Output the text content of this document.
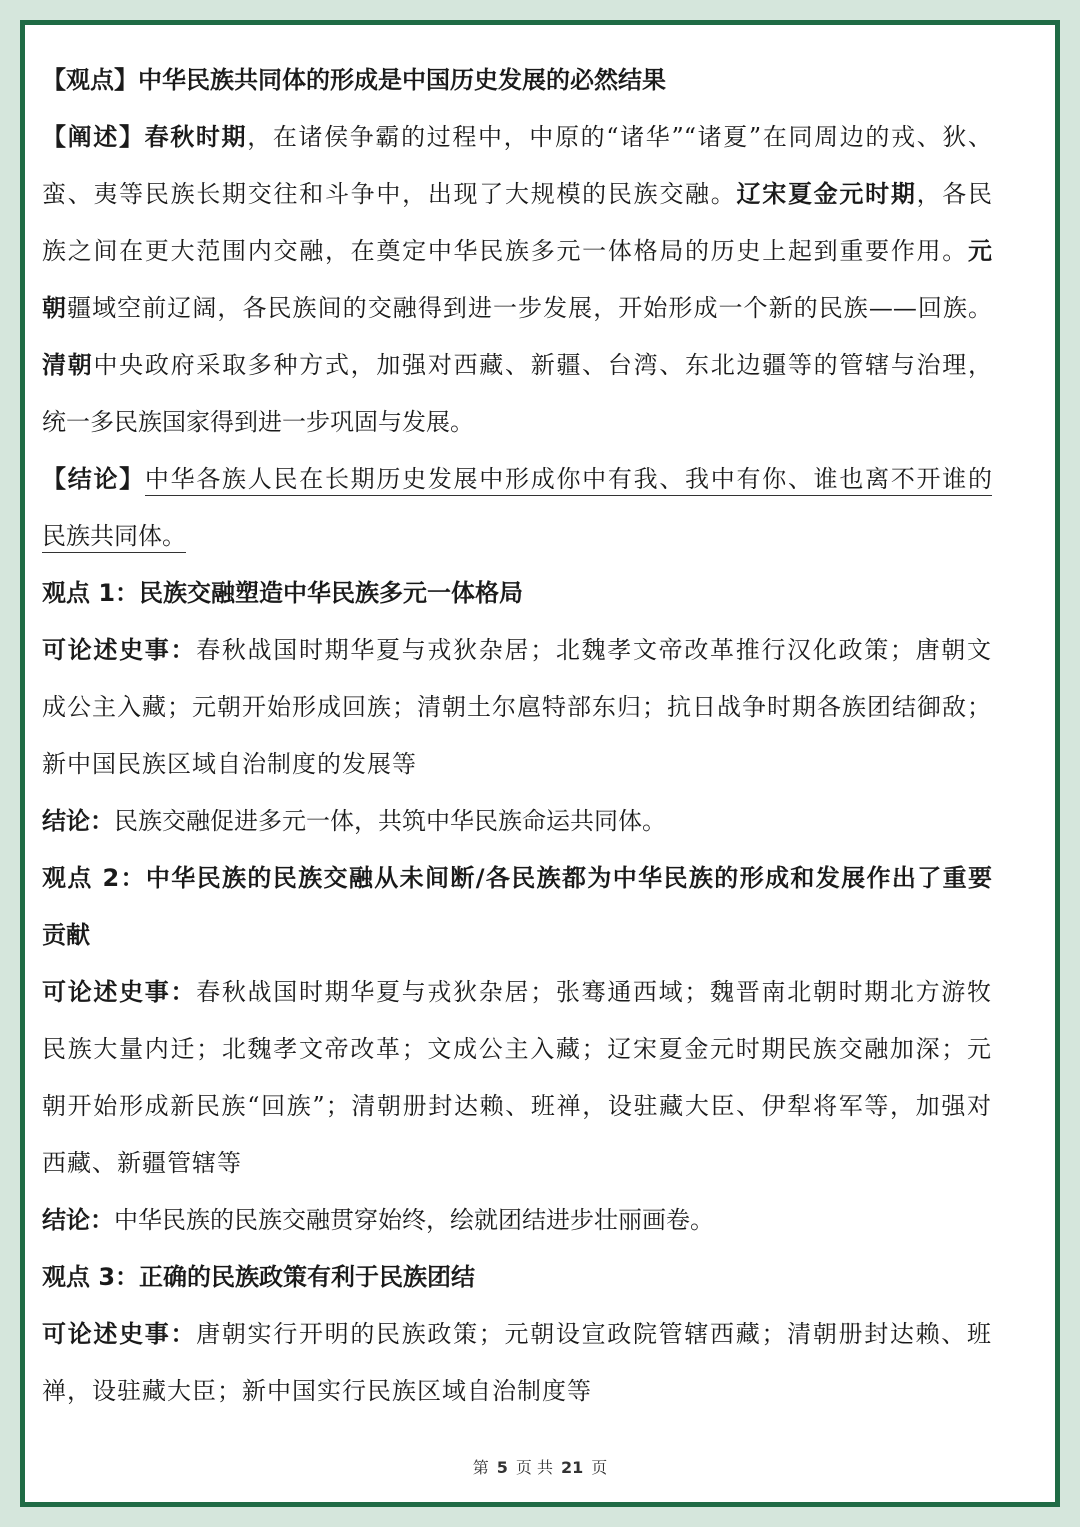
【观点】中华民族共同体的形成是中国历史发展的必然结果
【阐述】春秋时期，在诸侯争霸的过程中，中原的“诸华”“诸夏”在同周边的戎、狄、
蛮、夷等民族长期交往和斗争中，出现了大规模的民族交融。辽宋夏金元时期，各民
族之间在更大范围内交融，在奠定中华民族多元一体格局的历史上起到重要作用。元
朝疆域空前辽阔，各民族间的交融得到进一步发展，开始形成一个新的民族——回族。
清朝中央政府采取多种方式，加强对西藏、新疆、台湾、东北边疆等的管辖与治理，
统一多民族国家得到进一步巩固与发展。
【结论】中华各族人民在长期历史发展中形成你中有我、我中有你、谁也离不开谁的
民族共同体。
观点 1：民族交融塑造中华民族多元一体格局
可论述史事：春秋战国时期华夏与戎狄杂居；北魏孝文帝改革推行汉化政策；唐朝文
成公主入藏；元朝开始形成回族；清朝土尔扈特部东归；抗日战争时期各族团结御敌；
新中国民族区域自治制度的发展等
结论：民族交融促进多元一体，共筑中华民族命运共同体。
观点 2：中华民族的民族交融从未间断/各民族都为中华民族的形成和发展作出了重要
贡献
可论述史事：春秋战国时期华夏与戎狄杂居；张骞通西域；魏晋南北朝时期北方游牧
民族大量内迁；北魏孝文帝改革；文成公主入藏；辽宋夏金元时期民族交融加深；元
朝开始形成新民族“回族”；清朝册封达赖、班禅，设驻藏大臣、伊犁将军等，加强对
西藏、新疆管辖等
结论：中华民族的民族交融贯穿始终，绘就团结进步壮丽画卷。
观点 3：正确的民族政策有利于民族团结
可论述史事：唐朝实行开明的民族政策；元朝设宣政院管辖西藏；清朝册封达赖、班
禅，设驻藏大臣；新中国实行民族区域自治制度等
第 5 页 共 21 页
